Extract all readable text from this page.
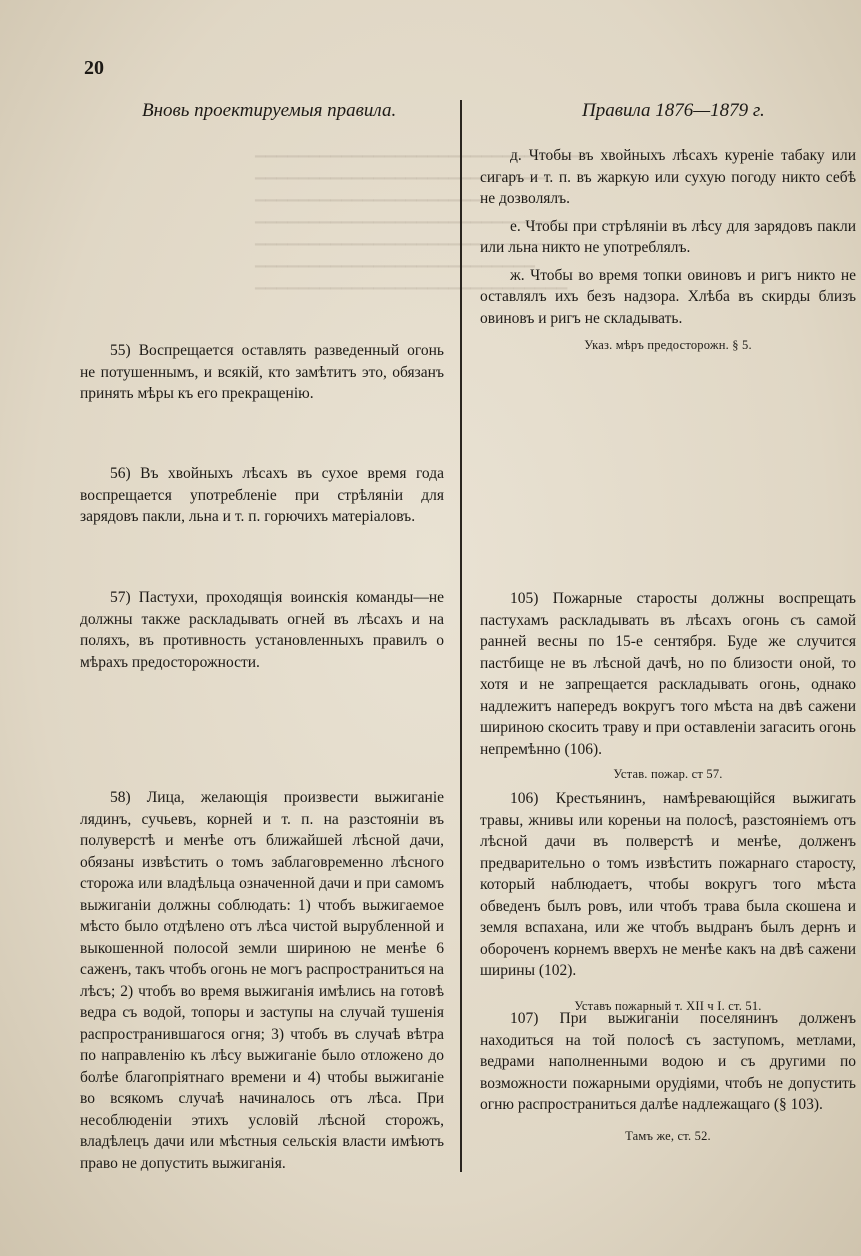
▁▁▁▁▁▁▁▁▁▁▁▁▁▁▁▁▁▁▁▁▁▁▁▁▁▁▁▁▁▁▁
▁▁▁▁▁▁▁▁▁▁▁▁▁▁▁▁▁▁▁▁▁▁▁▁▁▁▁
▁▁▁▁▁▁▁▁▁▁▁▁▁▁▁▁▁▁▁▁▁
▁▁▁▁▁▁▁▁▁▁▁▁▁▁▁▁▁▁▁▁▁▁▁▁▁▁▁▁▁
▁▁▁▁▁▁▁▁▁▁▁▁▁▁▁▁▁▁▁▁▁▁▁▁▁▁▁▁▁▁
▁▁▁▁▁▁▁▁▁▁▁▁▁▁▁▁▁▁▁▁▁▁▁▁▁▁
▁▁▁▁▁▁▁▁▁▁▁▁▁▁▁▁▁▁▁▁▁▁▁▁▁▁▁▁▁
20
Вновь проектируемыя правила.	Правила 1876—1879 г.

55) Воспрещается оставлять разведенный огонь не потушеннымъ, и всякій, кто замѣтитъ это, обязанъ принять мѣры къ его прекращенію.

56) Въ хвойныхъ лѣсахъ въ сухое время года воспрещается употребленіе при стрѣляніи для зарядовъ пакли, льна и т. п. горючихъ матеріаловъ.

57) Пастухи, проходящія воинскія команды—не должны также раскладывать огней въ лѣсахъ и на поляхъ, въ противность установленныхъ правилъ о мѣрахъ предосторожности.

58) Лица, желающія произвести выжиганіе лядинъ, сучьевъ, корней и т. п. на разстояніи въ полуверстѣ и менѣе отъ ближайшей лѣсной дачи, обязаны извѣстить о томъ заблаговременно лѣсного сторожа или владѣльца означенной дачи и при самомъ выжиганіи должны соблюдать: 1) чтобъ выжигаемое мѣсто было отдѣлено отъ лѣса чистой вырубленной и выкошенной полосой земли шириною не менѣе 6 саженъ, такъ чтобъ огонь не могъ распространиться на лѣсъ; 2) чтобъ во время выжиганія имѣлись на готовѣ ведра съ водой, топоры и заступы на случай тушенія распространившагося огня; 3) чтобъ въ случаѣ вѣтра по направленію къ лѣсу выжиганіе было отложено до болѣе благопріятнаго времени и 4) чтобы выжиганіе во всякомъ случаѣ начиналось отъ лѣса. При несоблюденіи этихъ условій лѣсной сторожъ, владѣлецъ дачи или мѣстныя сельскія власти имѣютъ право не допустить выжиганія.

д. Чтобы въ хвойныхъ лѣсахъ куреніе табаку или сигаръ и т. п. въ жаркую или сухую погоду никто себѣ не дозволялъ.

е. Чтобы при стрѣляніи въ лѣсу для зарядовъ пакли или льна никто не употреблялъ.

ж. Чтобы во время топки овиновъ и ригъ никто не оставлялъ ихъ безъ надзора. Хлѣба въ скирды близъ овиновъ и ригъ не складывать.

Указ. мѣръ предосторожн. § 5.

105) Пожарные старосты должны воспрещать пастухамъ раскладывать въ лѣсахъ огонь съ самой ранней весны по 15-е сентября. Буде же случится пастбище не въ лѣсной дачѣ, но по близости оной, то хотя и не запрещается раскладывать огонь, однако надлежитъ напередъ вокругъ того мѣста на двѣ сажени шириною скосить траву и при оставленіи загасить огонь непремѣнно (106).

Устав. пожар. ст 57.

106) Крестьянинъ, намѣревающійся выжигать травы, жнивы или кореньи на полосѣ, разстояніемъ отъ лѣсной дачи въ полверстѣ и менѣе, долженъ предварительно о томъ извѣстить пожарнаго старосту, который наблюдаетъ, чтобы вокругъ того мѣста обведенъ былъ ровъ, или чтобъ трава была скошена и земля вспахана, или же чтобъ выдранъ былъ дернъ и обороченъ корнемъ вверхъ не менѣе какъ на двѣ сажени ширины (102).

Уставъ пожарный т. XII ч I. ст. 51.

107) При выжиганіи поселянинъ долженъ находиться на той полосѣ съ заступомъ, метлами, ведрами наполненными водою и съ другими по возможности пожарными орудіями, чтобъ не допустить огню распространиться далѣе надлежащаго (§ 103).

Тамъ же, ст. 52.
